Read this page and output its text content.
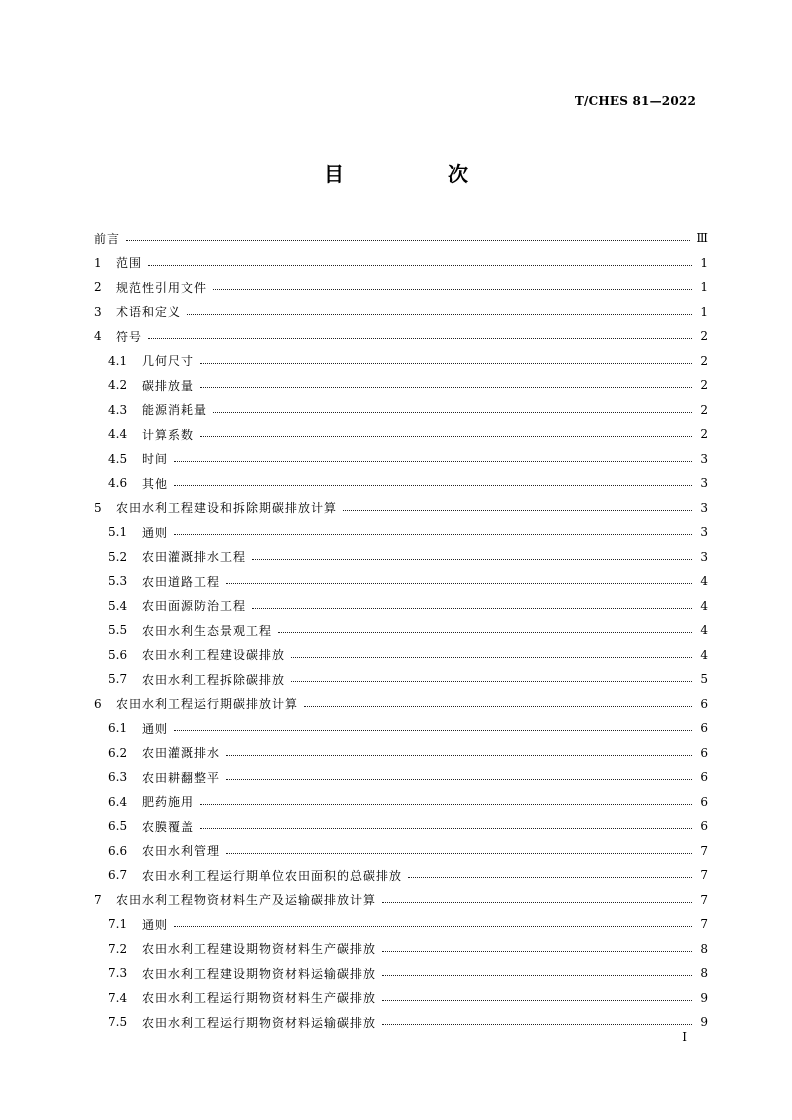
T/CHES 81—2022
目　次
前言	Ⅲ
1	范围	1
2	规范性引用文件	1
3	术语和定义	1
4	符号	2
4.1	几何尺寸	2
4.2	碳排放量	2
4.3	能源消耗量	2
4.4	计算系数	2
4.5	时间	3
4.6	其他	3
5	农田水利工程建设和拆除期碳排放计算	3
5.1	通则	3
5.2	农田灌溉排水工程	3
5.3	农田道路工程	4
5.4	农田面源防治工程	4
5.5	农田水利生态景观工程	4
5.6	农田水利工程建设碳排放	4
5.7	农田水利工程拆除碳排放	5
6	农田水利工程运行期碳排放计算	6
6.1	通则	6
6.2	农田灌溉排水	6
6.3	农田耕翻整平	6
6.4	肥药施用	6
6.5	农膜覆盖	6
6.6	农田水利管理	7
6.7	农田水利工程运行期单位农田面积的总碳排放	7
7	农田水利工程物资材料生产及运输碳排放计算	7
7.1	通则	7
7.2	农田水利工程建设期物资材料生产碳排放	8
7.3	农田水利工程建设期物资材料运输碳排放	8
7.4	农田水利工程运行期物资材料生产碳排放	9
7.5	农田水利工程运行期物资材料运输碳排放	9
I
